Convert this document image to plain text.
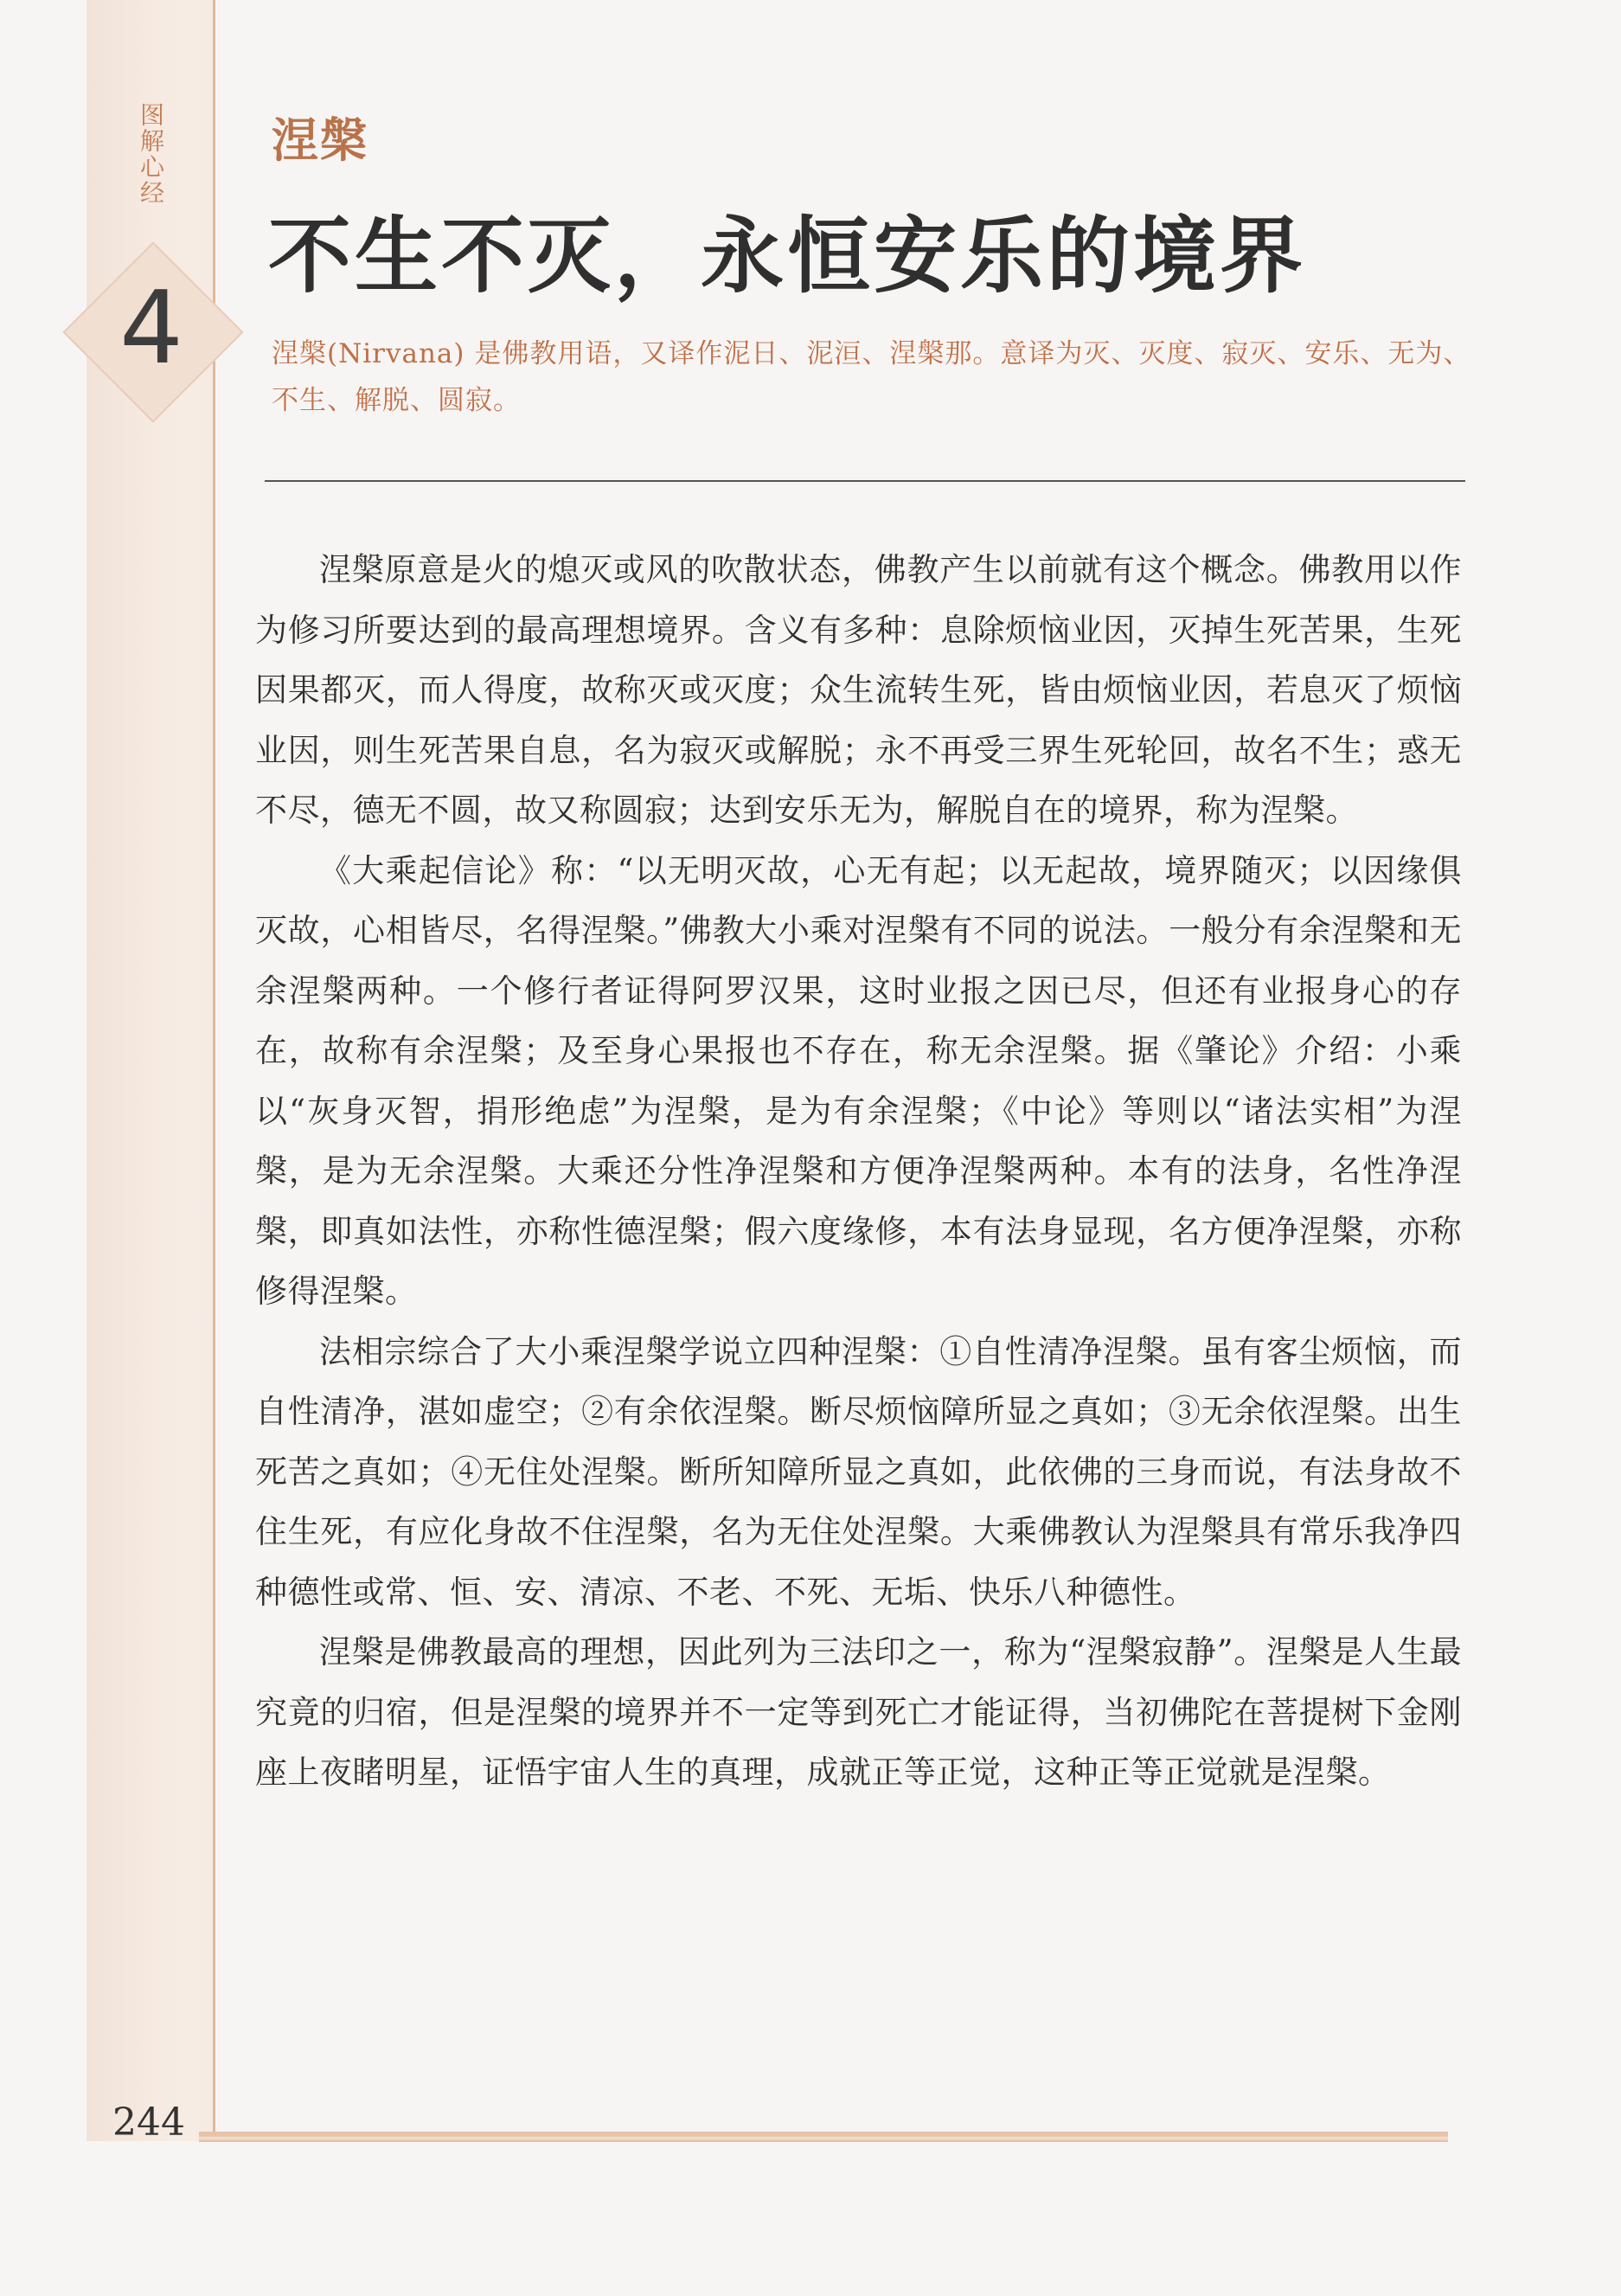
图解心经
4
涅槃
不生不灭，永恒安乐的境界
涅槃(Nirvana) 是佛教用语，又译作泥日、泥洹、涅槃那。意译为灭、灭度、寂灭、安乐、无为、不生、解脱、圆寂。

涅槃原意是火的熄灭或风的吹散状态，佛教产生以前就有这个概念。佛教用以作为修习所要达到的最高理想境界。含义有多种：息除烦恼业因，灭掉生死苦果，生死因果都灭，而人得度，故称灭或灭度；众生流转生死，皆由烦恼业因，若息灭了烦恼业因，则生死苦果自息，名为寂灭或解脱；永不再受三界生死轮回，故名不生；惑无不尽，德无不圆，故又称圆寂；达到安乐无为，解脱自在的境界，称为涅槃。

《大乘起信论》称：“以无明灭故，心无有起；以无起故，境界随灭；以因缘俱灭故，心相皆尽，名得涅槃。”佛教大小乘对涅槃有不同的说法。一般分有余涅槃和无余涅槃两种。一个修行者证得阿罗汉果，这时业报之因已尽，但还有业报身心的存在，故称有余涅槃；及至身心果报也不存在，称无余涅槃。据《肇论》介绍：小乘以“灰身灭智，捐形绝虑”为涅槃，是为有余涅槃；《中论》等则以“诸法实相”为涅槃，是为无余涅槃。大乘还分性净涅槃和方便净涅槃两种。本有的法身，名性净涅槃，即真如法性，亦称性德涅槃；假六度缘修，本有法身显现，名方便净涅槃，亦称修得涅槃。

法相宗综合了大小乘涅槃学说立四种涅槃：①自性清净涅槃。虽有客尘烦恼，而自性清净，湛如虚空；②有余依涅槃。断尽烦恼障所显之真如；③无余依涅槃。出生死苦之真如；④无住处涅槃。断所知障所显之真如，此依佛的三身而说，有法身故不住生死，有应化身故不住涅槃，名为无住处涅槃。大乘佛教认为涅槃具有常乐我净四种德性或常、恒、安、清凉、不老、不死、无垢、快乐八种德性。

涅槃是佛教最高的理想，因此列为三法印之一，称为“涅槃寂静”。涅槃是人生最究竟的归宿，但是涅槃的境界并不一定等到死亡才能证得，当初佛陀在菩提树下金刚座上夜睹明星，证悟宇宙人生的真理，成就正等正觉，这种正等正觉就是涅槃。

244
